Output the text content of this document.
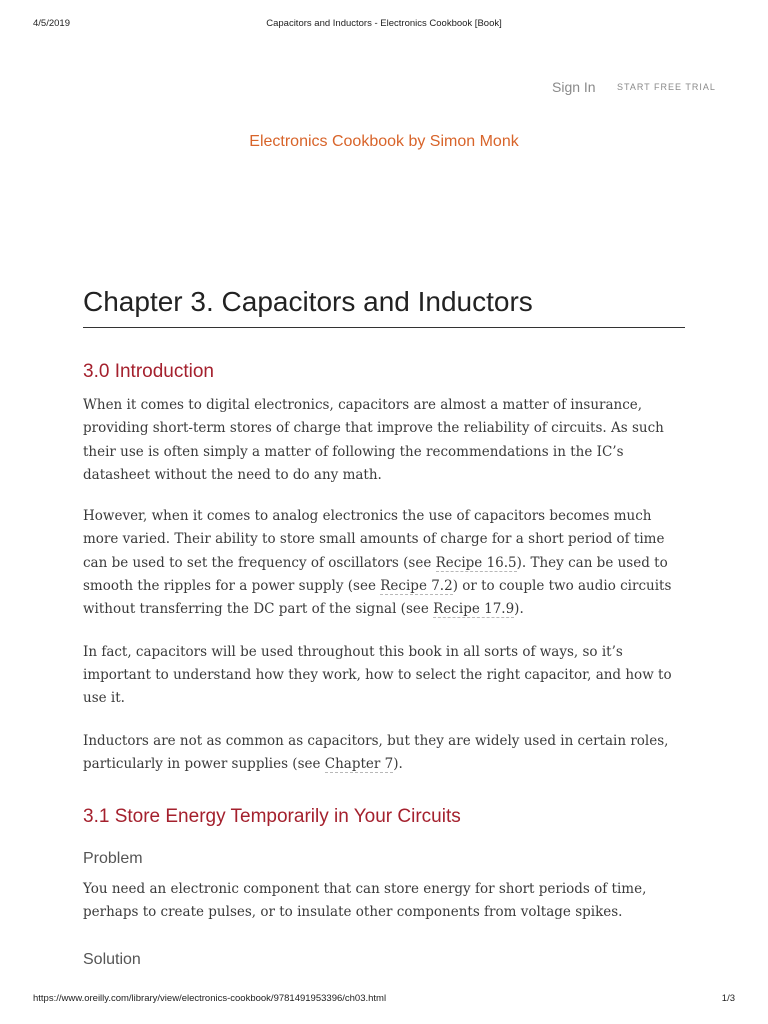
4/5/2019	Capacitors and Inductors - Electronics Cookbook [Book]
Sign In START FREE TRIAL
Electronics Cookbook by Simon Monk
Chapter 3. Capacitors and Inductors
3.0 Introduction

When it comes to digital electronics, capacitors are almost a matter of insurance, providing short-term stores of charge that improve the reliability of circuits. As such their use is often simply a matter of following the recommendations in the IC’s datasheet without the need to do any math.

However, when it comes to analog electronics the use of capacitors becomes much more varied. Their ability to store small amounts of charge for a short period of time can be used to set the frequency of oscillators (see Recipe 16.5). They can be used to smooth the ripples for a power supply (see Recipe 7.2) or to couple two audio circuits without transferring the DC part of the signal (see Recipe 17.9).

In fact, capacitors will be used throughout this book in all sorts of ways, so it’s important to understand how they work, how to select the right capacitor, and how to use it.

Inductors are not as common as capacitors, but they are widely used in certain roles, particularly in power supplies (see Chapter 7).

3.1 Store Energy Temporarily in Your Circuits
Problem

You need an electronic component that can store energy for short periods of time, perhaps to create pulses, or to insulate other components from voltage spikes.

Solution
https://www.oreilly.com/library/view/electronics-cookbook/9781491953396/ch03.html	1/3
